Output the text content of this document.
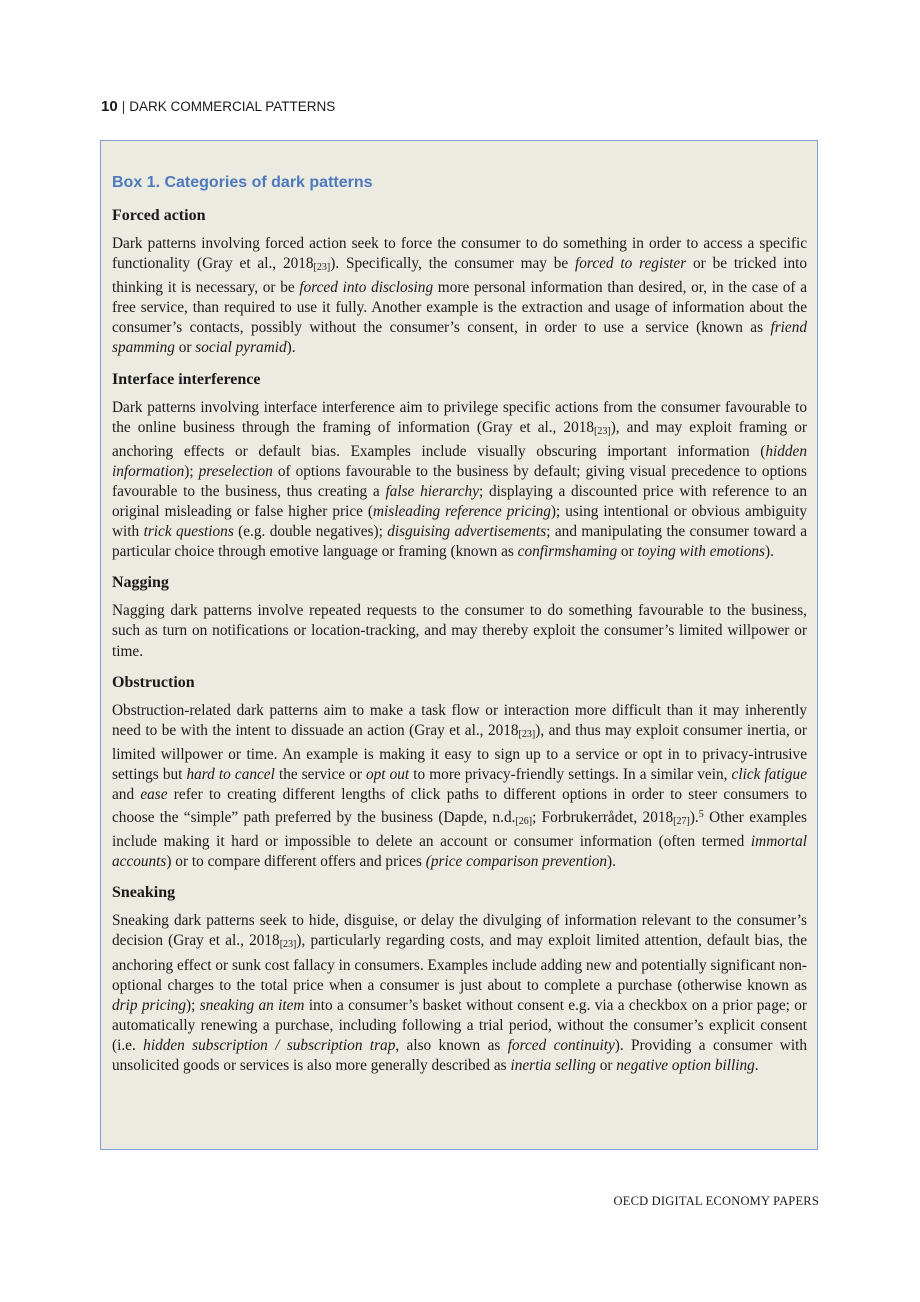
10 | DARK COMMERCIAL PATTERNS
Box 1. Categories of dark patterns
Forced action

Dark patterns involving forced action seek to force the consumer to do something in order to access a specific functionality (Gray et al., 2018[23]). Specifically, the consumer may be forced to register or be tricked into thinking it is necessary, or be forced into disclosing more personal information than desired, or, in the case of a free service, than required to use it fully. Another example is the extraction and usage of information about the consumer’s contacts, possibly without the consumer’s consent, in order to use a service (known as friend spamming or social pyramid).

Interface interference

Dark patterns involving interface interference aim to privilege specific actions from the consumer favourable to the online business through the framing of information (Gray et al., 2018[23]), and may exploit framing or anchoring effects or default bias. Examples include visually obscuring important information (hidden information); preselection of options favourable to the business by default; giving visual precedence to options favourable to the business, thus creating a false hierarchy; displaying a discounted price with reference to an original misleading or false higher price (misleading reference pricing); using intentional or obvious ambiguity with trick questions (e.g. double negatives); disguising advertisements; and manipulating the consumer toward a particular choice through emotive language or framing (known as confirmshaming or toying with emotions).

Nagging

Nagging dark patterns involve repeated requests to the consumer to do something favourable to the business, such as turn on notifications or location-tracking, and may thereby exploit the consumer’s limited willpower or time.

Obstruction

Obstruction-related dark patterns aim to make a task flow or interaction more difficult than it may inherently need to be with the intent to dissuade an action (Gray et al., 2018[23]), and thus may exploit consumer inertia, or limited willpower or time. An example is making it easy to sign up to a service or opt in to privacy-intrusive settings but hard to cancel the service or opt out to more privacy-friendly settings. In a similar vein, click fatigue and ease refer to creating different lengths of click paths to different options in order to steer consumers to choose the “simple” path preferred by the business (Dapde, n.d.[26]; Forbrukerrådet, 2018[27]).$^5$ Other examples include making it hard or impossible to delete an account or consumer information (often termed immortal accounts) or to compare different offers and prices (price comparison prevention).

Sneaking

Sneaking dark patterns seek to hide, disguise, or delay the divulging of information relevant to the consumer’s decision (Gray et al., 2018[23]), particularly regarding costs, and may exploit limited attention, default bias, the anchoring effect or sunk cost fallacy in consumers. Examples include adding new and potentially significant non-optional charges to the total price when a consumer is just about to complete a purchase (otherwise known as drip pricing); sneaking an item into a consumer’s basket without consent e.g. via a checkbox on a prior page; or automatically renewing a purchase, including following a trial period, without the consumer’s explicit consent (i.e. hidden subscription / subscription trap, also known as forced continuity). Providing a consumer with unsolicited goods or services is also more generally described as inertia selling or negative option billing.

OECD DIGITAL ECONOMY PAPERS
